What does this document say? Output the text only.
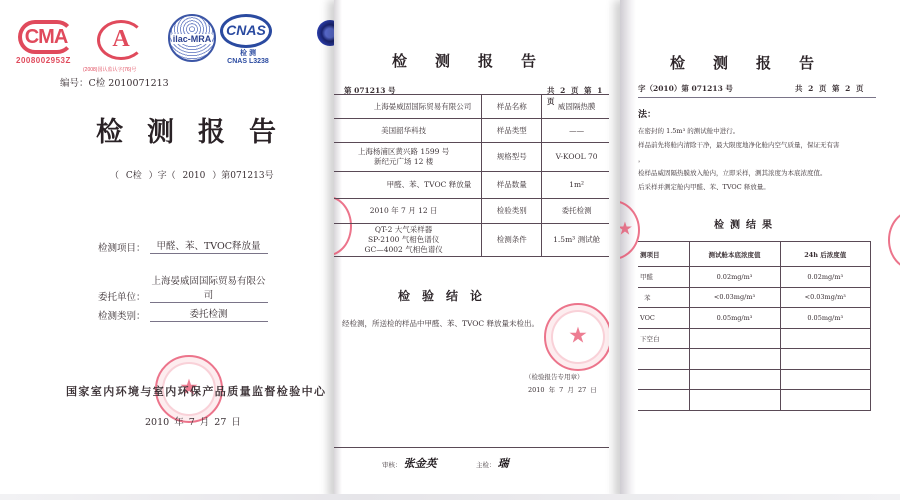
CMA
2008002953Z
A
(2008)国认监认字(76)号
ilac-MRA
CNAS
检 测
CNAS L3238
编号：C检 2010071213
检测报告
（ C检 ）字（ 2010 ）第071213号
检测项目：	甲醛、苯、TVOC释放量
委托单位：
上海晏威固国际贸易有限公司
检测类别：	委托检测
★
国家室内环境与室内环保产品质量监督检验中心
2010 年 7 月 27 日
★
检测报告
第 071213 号	共 2 页 第 1 页
上海晏威固国际贸易有限公司	样品名称	威固隔热膜
美国韶华科技	样品类型	——
上海杨浦区黄兴路 1599 号
新纪元广场 12 楼	规格型号	V-KOOL 70
甲醛、苯、TVOC 释放量	样品数量	1m²
2010 年 7 月 12 日	检验类别	委托检测
QT-2 大气采样器
SP-2100 气相色谱仪
GC—4002 气相色谱仪	检测条件	1.5m³ 测试舱
检验结论
经检测，所送检的样品中甲醛、苯、TVOC 释放量未检出。
★
（检验报告专用章）
2010 年 7 月 27 日
审核： 张金英	主检： 瑞
★
★
检测报告
字（2010）第 071213 号	共 2 页 第 2 页
法：
在密封的 1.5m³ 的测试舱中进行。
样品前先将舱内清除干净，最大限度地净化舱内空气质量，保证无有害
，
检样品威固隔热膜放入舱内，立即采样，测其浓度为本底浓度值。
后采样并测定舱内甲醛、苯、TVOC 释放量。
检测结果
测项目	测试舱本底浓度值	24h 后浓度值
甲醛	0.02mg/m³	0.02mg/m³
苯	<0.03mg/m³	<0.03mg/m³
VOC	0.05mg/m³	0.05mg/m³
下空白		
